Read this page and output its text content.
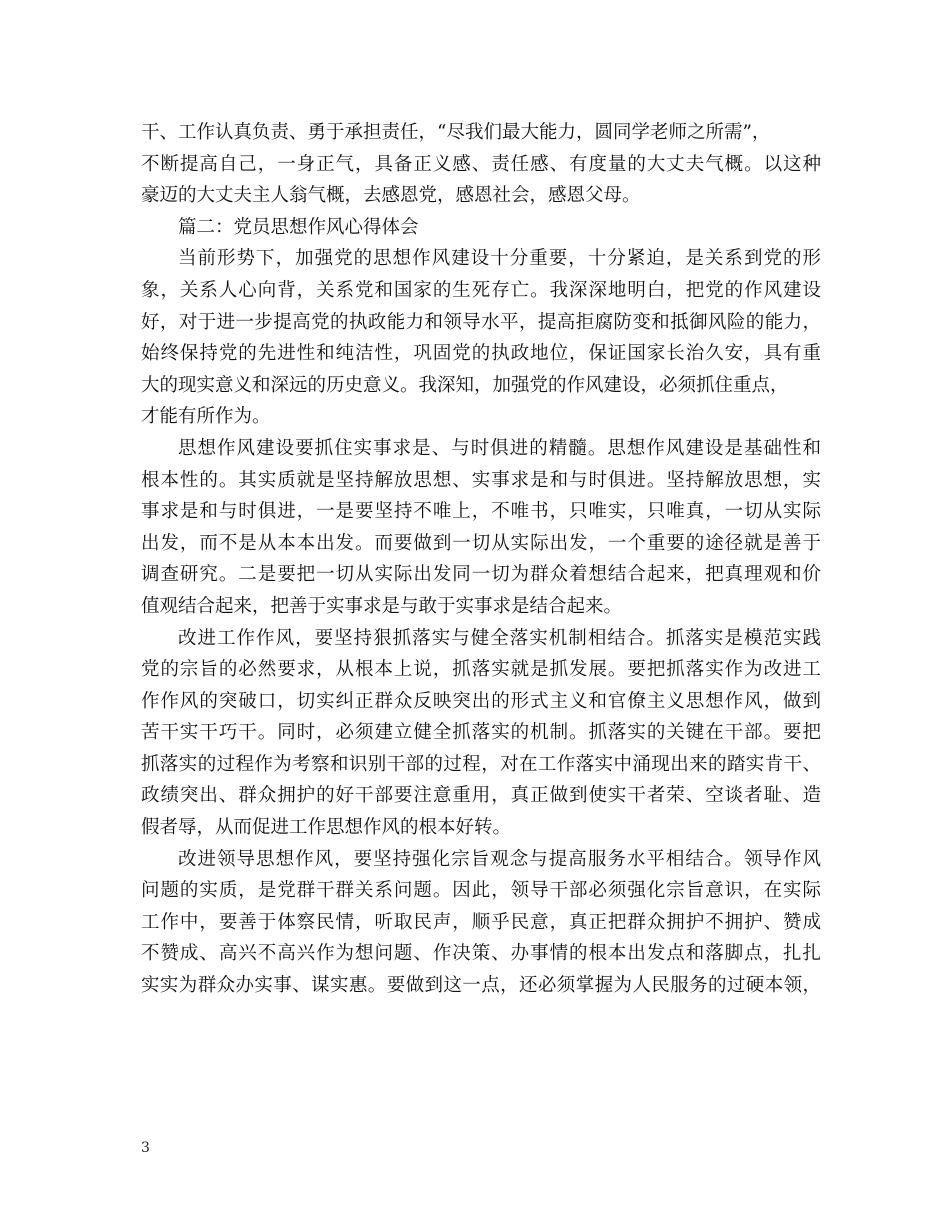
干、工作认真负责、勇于承担责任，“尽我们最大能力，圆同学老师之所需”，
不断提高自己，一身正气，具备正义感、责任感、有度量的大丈夫气概。以这种
豪迈的大丈夫主人翁气概，去感恩党，感恩社会，感恩父母。
篇二：党员思想作风心得体会
当前形势下，加强党的思想作风建设十分重要，十分紧迫，是关系到党的形
象，关系人心向背，关系党和国家的生死存亡。我深深地明白，把党的作风建设
好，对于进一步提高党的执政能力和领导水平，提高拒腐防变和抵御风险的能力，
始终保持党的先进性和纯洁性，巩固党的执政地位，保证国家长治久安，具有重
大的现实意义和深远的历史意义。我深知，加强党的作风建设，必须抓住重点，
才能有所作为。
思想作风建设要抓住实事求是、与时俱进的精髓。思想作风建设是基础性和
根本性的。其实质就是坚持解放思想、实事求是和与时俱进。坚持解放思想，实
事求是和与时俱进，一是要坚持不唯上，不唯书，只唯实，只唯真，一切从实际
出发，而不是从本本出发。而要做到一切从实际出发，一个重要的途径就是善于
调查研究。二是要把一切从实际出发同一切为群众着想结合起来，把真理观和价
值观结合起来，把善于实事求是与敢于实事求是结合起来。
改进工作作风，要坚持狠抓落实与健全落实机制相结合。抓落实是模范实践
党的宗旨的必然要求，从根本上说，抓落实就是抓发展。要把抓落实作为改进工
作作风的突破口，切实纠正群众反映突出的形式主义和官僚主义思想作风，做到
苦干实干巧干。同时，必须建立健全抓落实的机制。抓落实的关键在干部。要把
抓落实的过程作为考察和识别干部的过程，对在工作落实中涌现出来的踏实肯干、
政绩突出、群众拥护的好干部要注意重用，真正做到使实干者荣、空谈者耻、造
假者辱，从而促进工作思想作风的根本好转。
改进领导思想作风，要坚持强化宗旨观念与提高服务水平相结合。领导作风
问题的实质，是党群干群关系问题。因此，领导干部必须强化宗旨意识，在实际
工作中，要善于体察民情，听取民声，顺乎民意，真正把群众拥护不拥护、赞成
不赞成、高兴不高兴作为想问题、作决策、办事情的根本出发点和落脚点，扎扎
实实为群众办实事、谋实惠。要做到这一点，还必须掌握为人民服务的过硬本领，
3
